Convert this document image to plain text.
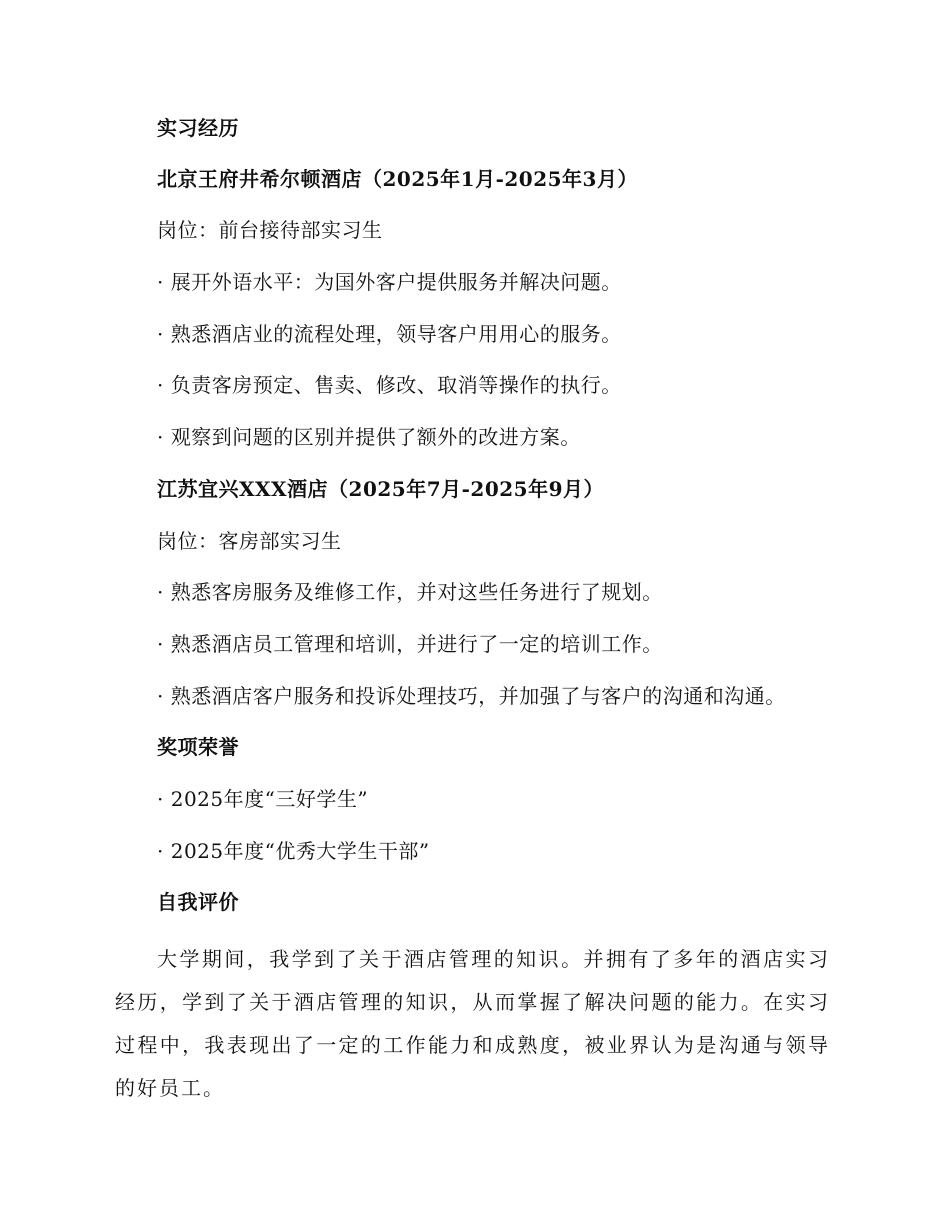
实习经历
北京王府井希尔顿酒店（2025年1月-2025年3月）
岗位：前台接待部实习生
· 展开外语水平：为国外客户提供服务并解决问题。
· 熟悉酒店业的流程处理，领导客户用用心的服务。
· 负责客房预定、售卖、修改、取消等操作的执行。
· 观察到问题的区别并提供了额外的改进方案。
江苏宜兴XXX酒店（2025年7月-2025年9月）
岗位：客房部实习生
· 熟悉客房服务及维修工作，并对这些任务进行了规划。
· 熟悉酒店员工管理和培训，并进行了一定的培训工作。
· 熟悉酒店客户服务和投诉处理技巧，并加强了与客户的沟通和沟通。
奖项荣誉
· 2025年度“三好学生”
· 2025年度“优秀大学生干部”
自我评价
大学期间，我学到了关于酒店管理的知识。并拥有了多年的酒店实习经历，学到了关于酒店管理的知识，从而掌握了解决问题的能力。在实习过程中，我表现出了一定的工作能力和成熟度，被业界认为是沟通与领导的好员工。
